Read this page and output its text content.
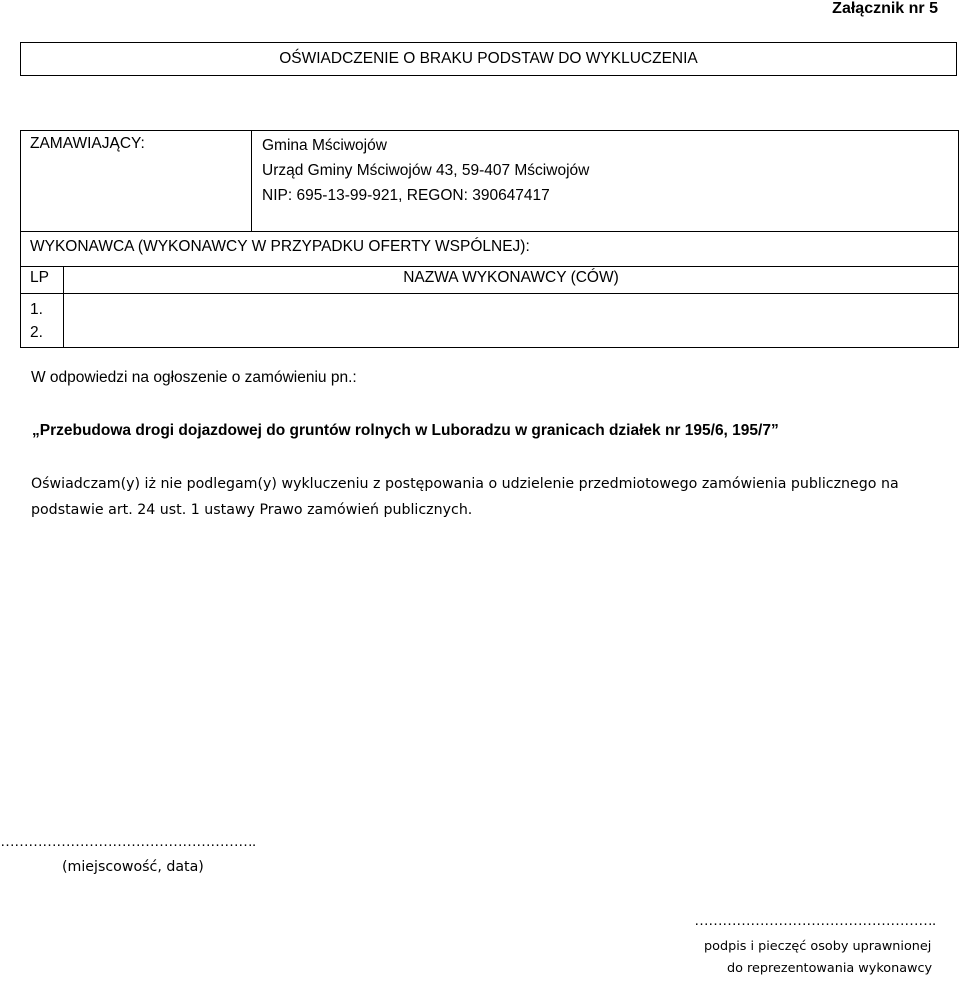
Załącznik nr 5
OŚWIADCZENIE O BRAKU PODSTAW DO WYKLUCZENIA
ZAMAWIAJĄCY:		Gmina Mściwojów
Urząd Gminy Mściwojów 43, 59-407 Mściwojów
NIP: 695-13-99-921, REGON: 390647417

WYKONAWCA (WYKONAWCY W PRZYPADKU OFERTY WSPÓLNEJ):		
LP	NAZWA WYKONAWCY (CÓW)	

1.
2.		

W odpowiedzi na ogłoszenie o zamówieniu pn.:
„Przebudowa drogi dojazdowej do gruntów rolnych w Luboradzu w granicach działek nr 195/6, 195/7”
Oświadczam(y) iż nie podlegam(y) wykluczeniu z postępowania o udzielenie przedmiotowego zamówienia publicznego na
podstawie art. 24 ust. 1 ustawy Prawo zamówień publicznych.
……………………………………………….
(miejscowość, data)
…………………………………………….
podpis i pieczęć osoby uprawnionej
do reprezentowania wykonawcy
